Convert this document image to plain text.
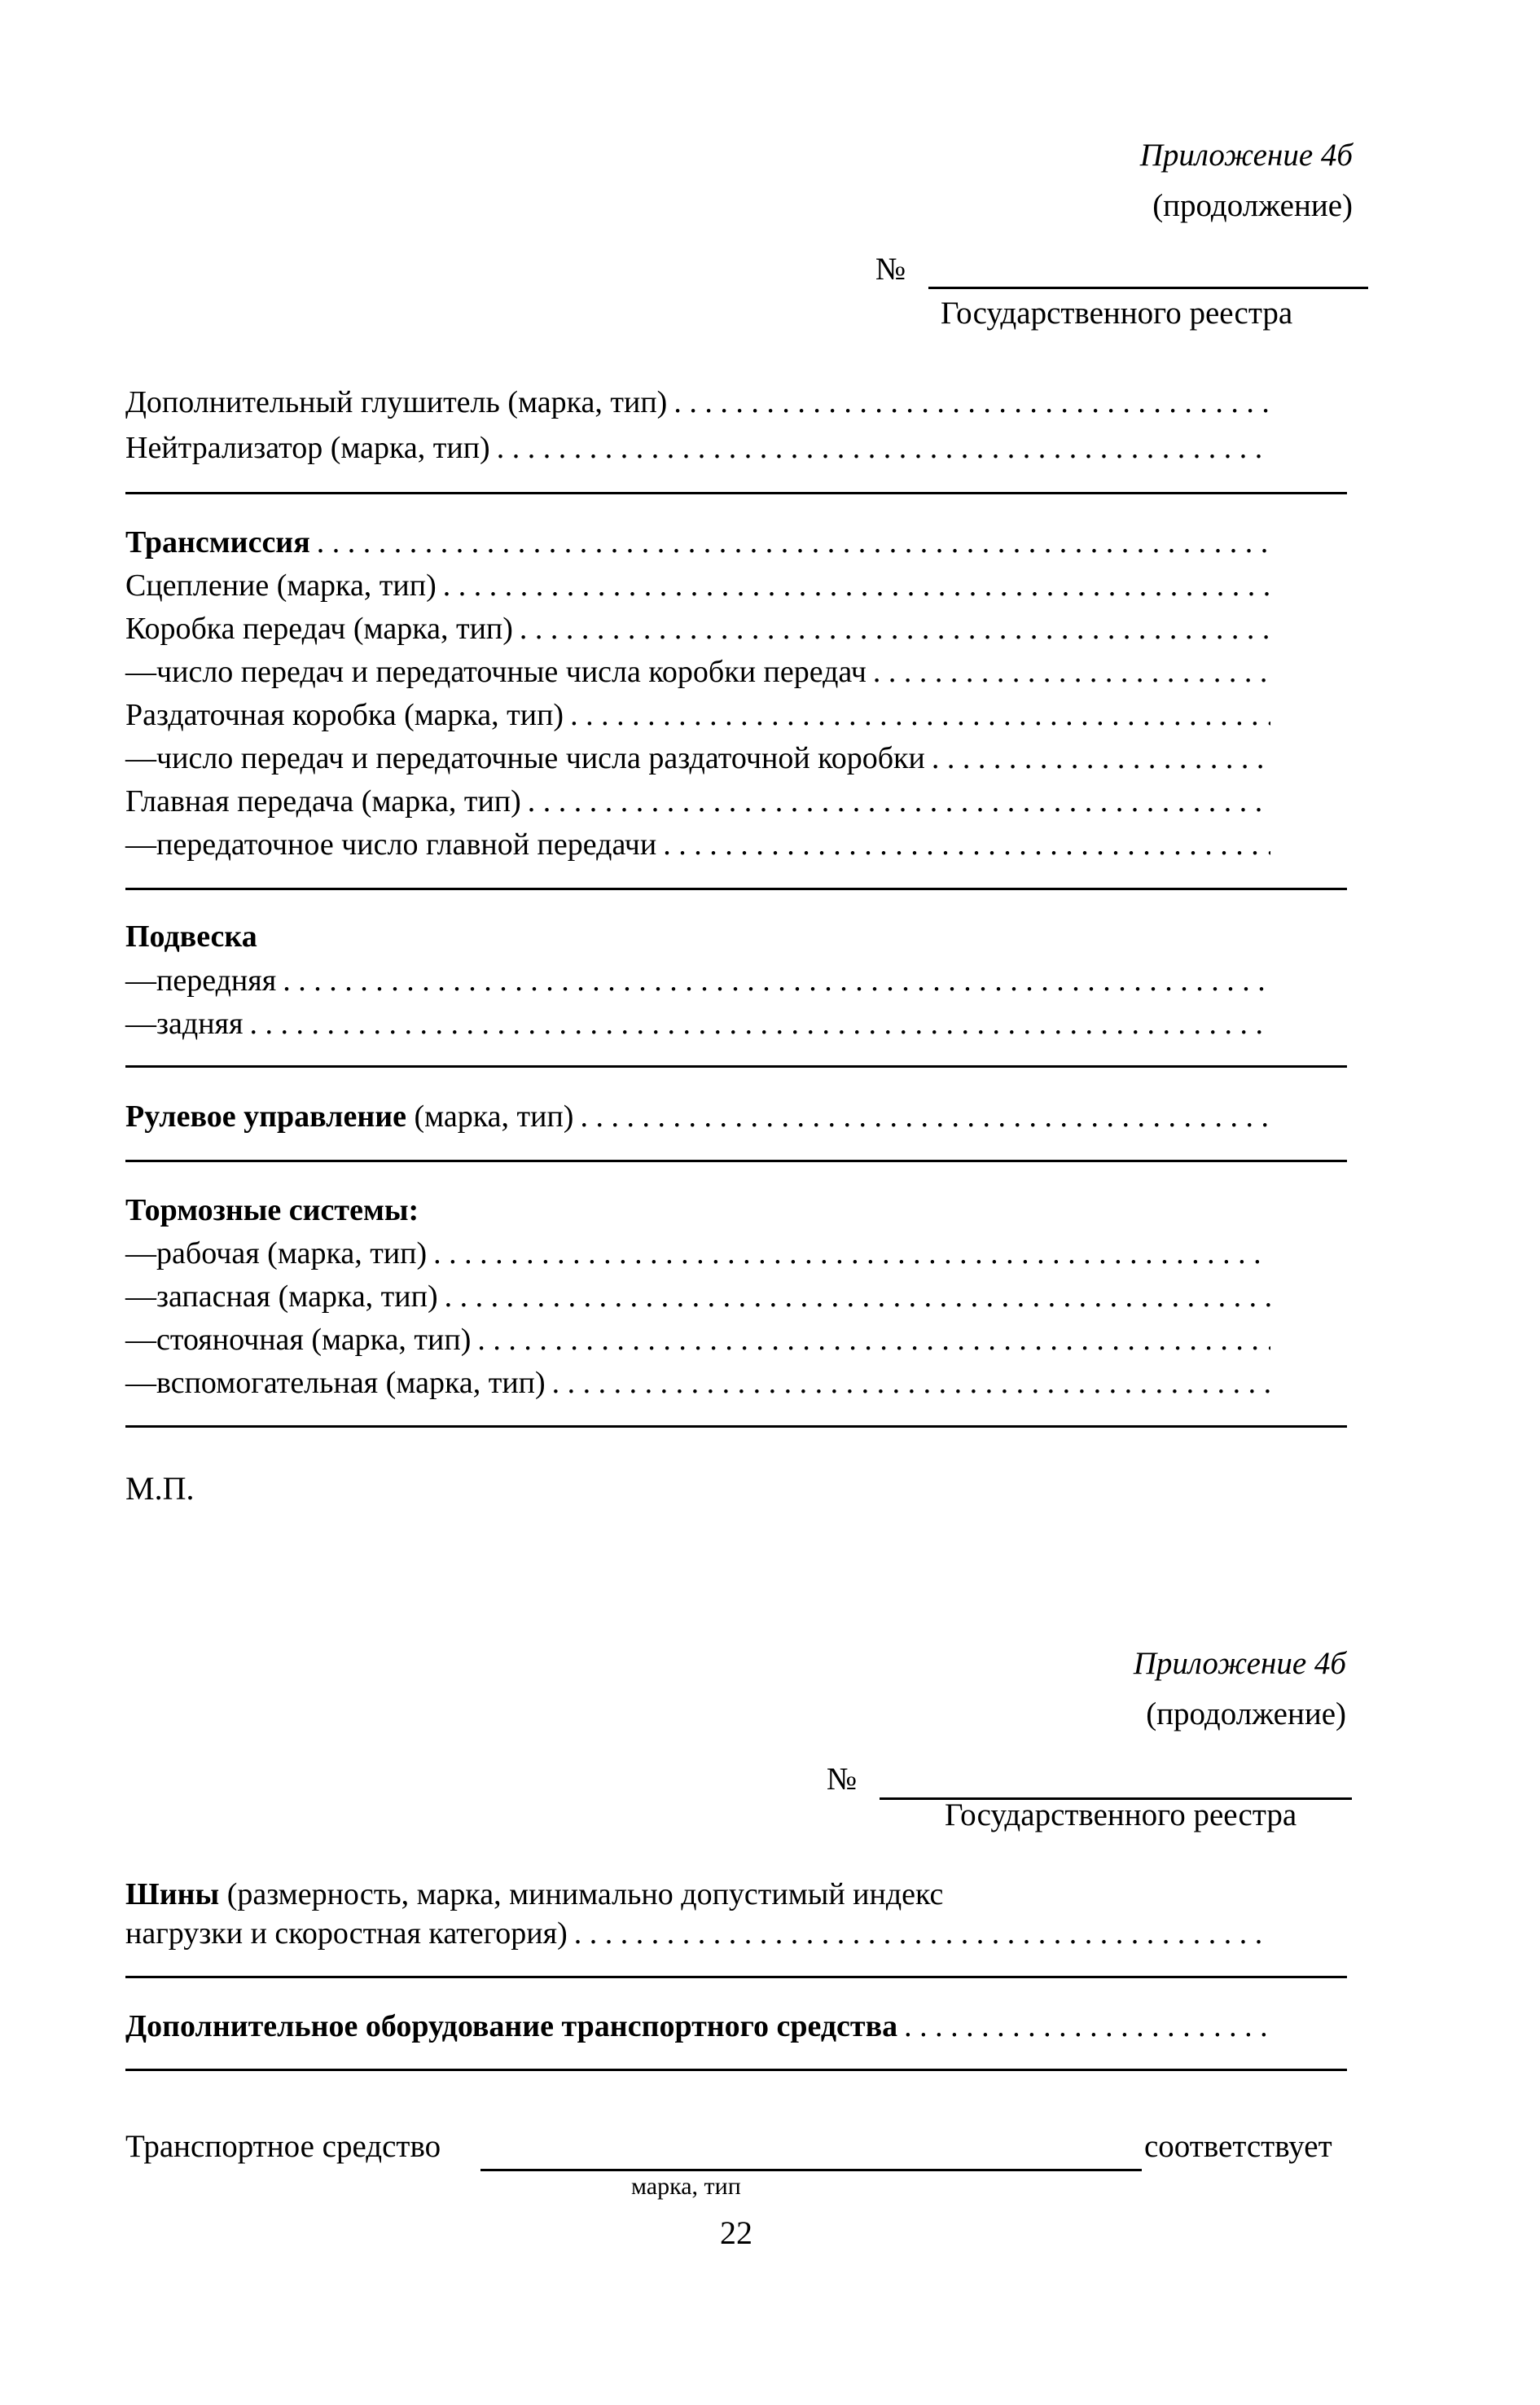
Приложение 4б
(продолжение)
№
Государственного реестра
Дополнительный глушитель (марка, тип)
. . .
Нейтрализатор (марка, тип)
. . .
Трансмиссия
. . .
Сцепление (марка, тип)
. . .
Коробка передач (марка, тип)
. . .
—число передач и передаточные числа коробки передач
. . .
Раздаточная коробка (марка, тип)
. . .
—число передач и передаточные числа раздаточной коробки
. . .
Главная передача (марка, тип)
. . .
—передаточное число главной передачи
. . .
Подвеска
—передняя
. . .
—задняя
. . .
Рулевое управление (марка, тип)
. . .
Тормозные системы:
—рабочая (марка, тип)
. . .
—запасная (марка, тип)
. . .
—стояночная (марка, тип)
. . .
—вспомогательная (марка, тип)
. . .
М.П.
Приложение 4б
(продолжение)
№
Государственного реестра
Шины (размерность, марка, минимально допустимый индекс
нагрузки и скоростная категория)
. . .
Дополнительное оборудование транспортного средства
. . .
Транспортное средство	соответствует
марка, тип
22
